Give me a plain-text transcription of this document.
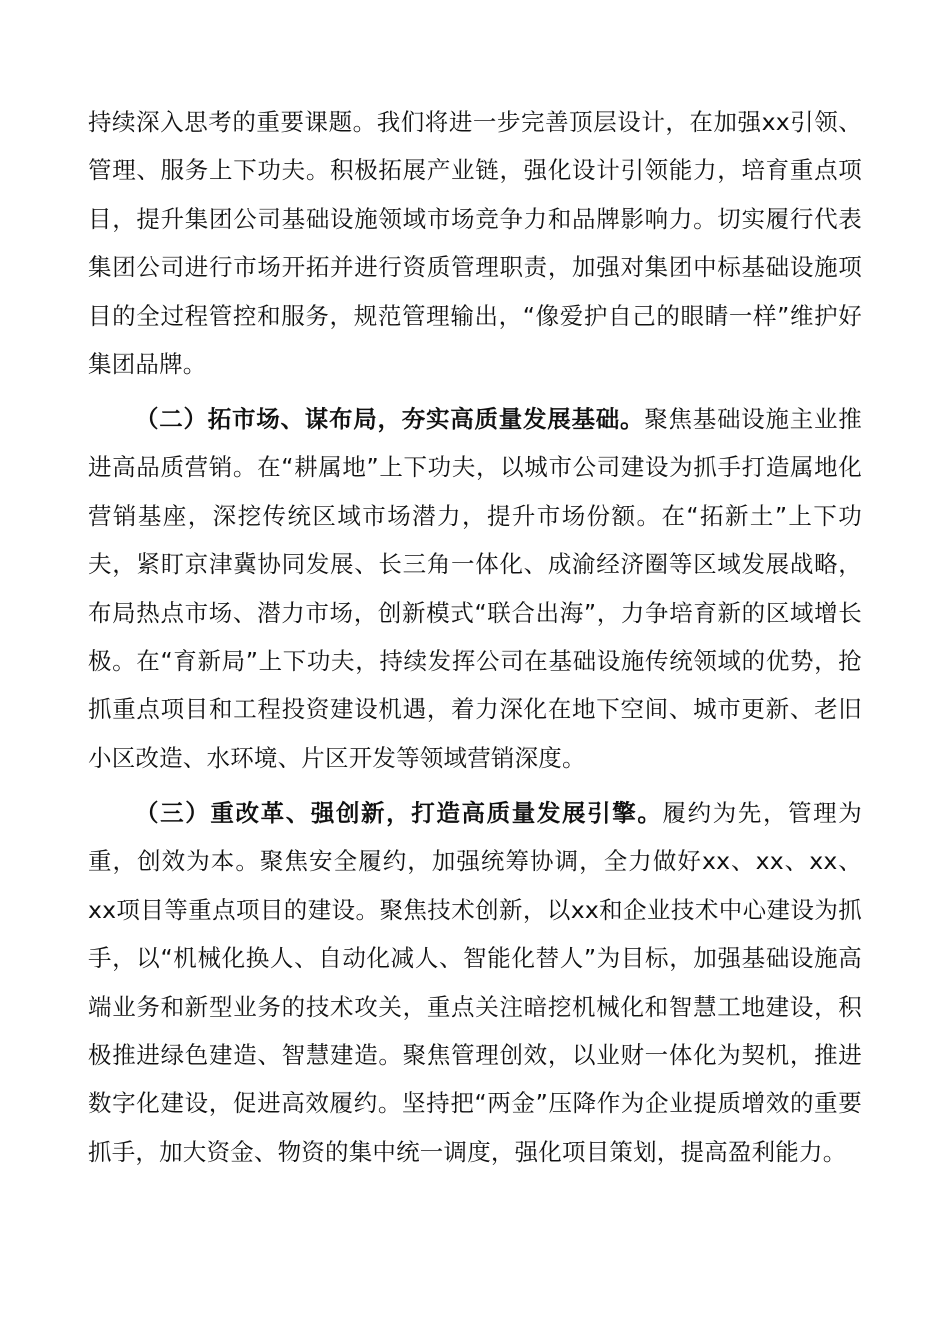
持续深入思考的重要课题。我们将进一步完善顶层设计，在加强xx引领、管理、服务上下功夫。积极拓展产业链，强化设计引领能力，培育重点项目，提升集团公司基础设施领域市场竞争力和品牌影响力。切实履行代表集团公司进行市场开拓并进行资质管理职责，加强对集团中标基础设施项目的全过程管控和服务，规范管理输出，“像爱护自己的眼睛一样”维护好集团品牌。

（二）拓市场、谋布局，夯实高质量发展基础。聚焦基础设施主业推进高品质营销。在“耕属地”上下功夫，以城市公司建设为抓手打造属地化营销基座，深挖传统区域市场潜力，提升市场份额。在“拓新土”上下功夫，紧盯京津冀协同发展、长三角一体化、成渝经济圈等区域发展战略，布局热点市场、潜力市场，创新模式“联合出海”，力争培育新的区域增长极。在“育新局”上下功夫，持续发挥公司在基础设施传统领域的优势，抢抓重点项目和工程投资建设机遇，着力深化在地下空间、城市更新、老旧小区改造、水环境、片区开发等领域营销深度。

（三）重改革、强创新，打造高质量发展引擎。履约为先，管理为重，创效为本。聚焦安全履约，加强统筹协调，全力做好xx、xx、xx、xx项目等重点项目的建设。聚焦技术创新，以xx和企业技术中心建设为抓手，以“机械化换人、自动化减人、智能化替人”为目标，加强基础设施高端业务和新型业务的技术攻关，重点关注暗挖机械化和智慧工地建设，积极推进绿色建造、智慧建造。聚焦管理创效，以业财一体化为契机，推进数字化建设，促进高效履约。坚持把“两金”压降作为企业提质增效的重要抓手，加大资金、物资的集中统一调度，强化项目策划，提高盈利能力。
